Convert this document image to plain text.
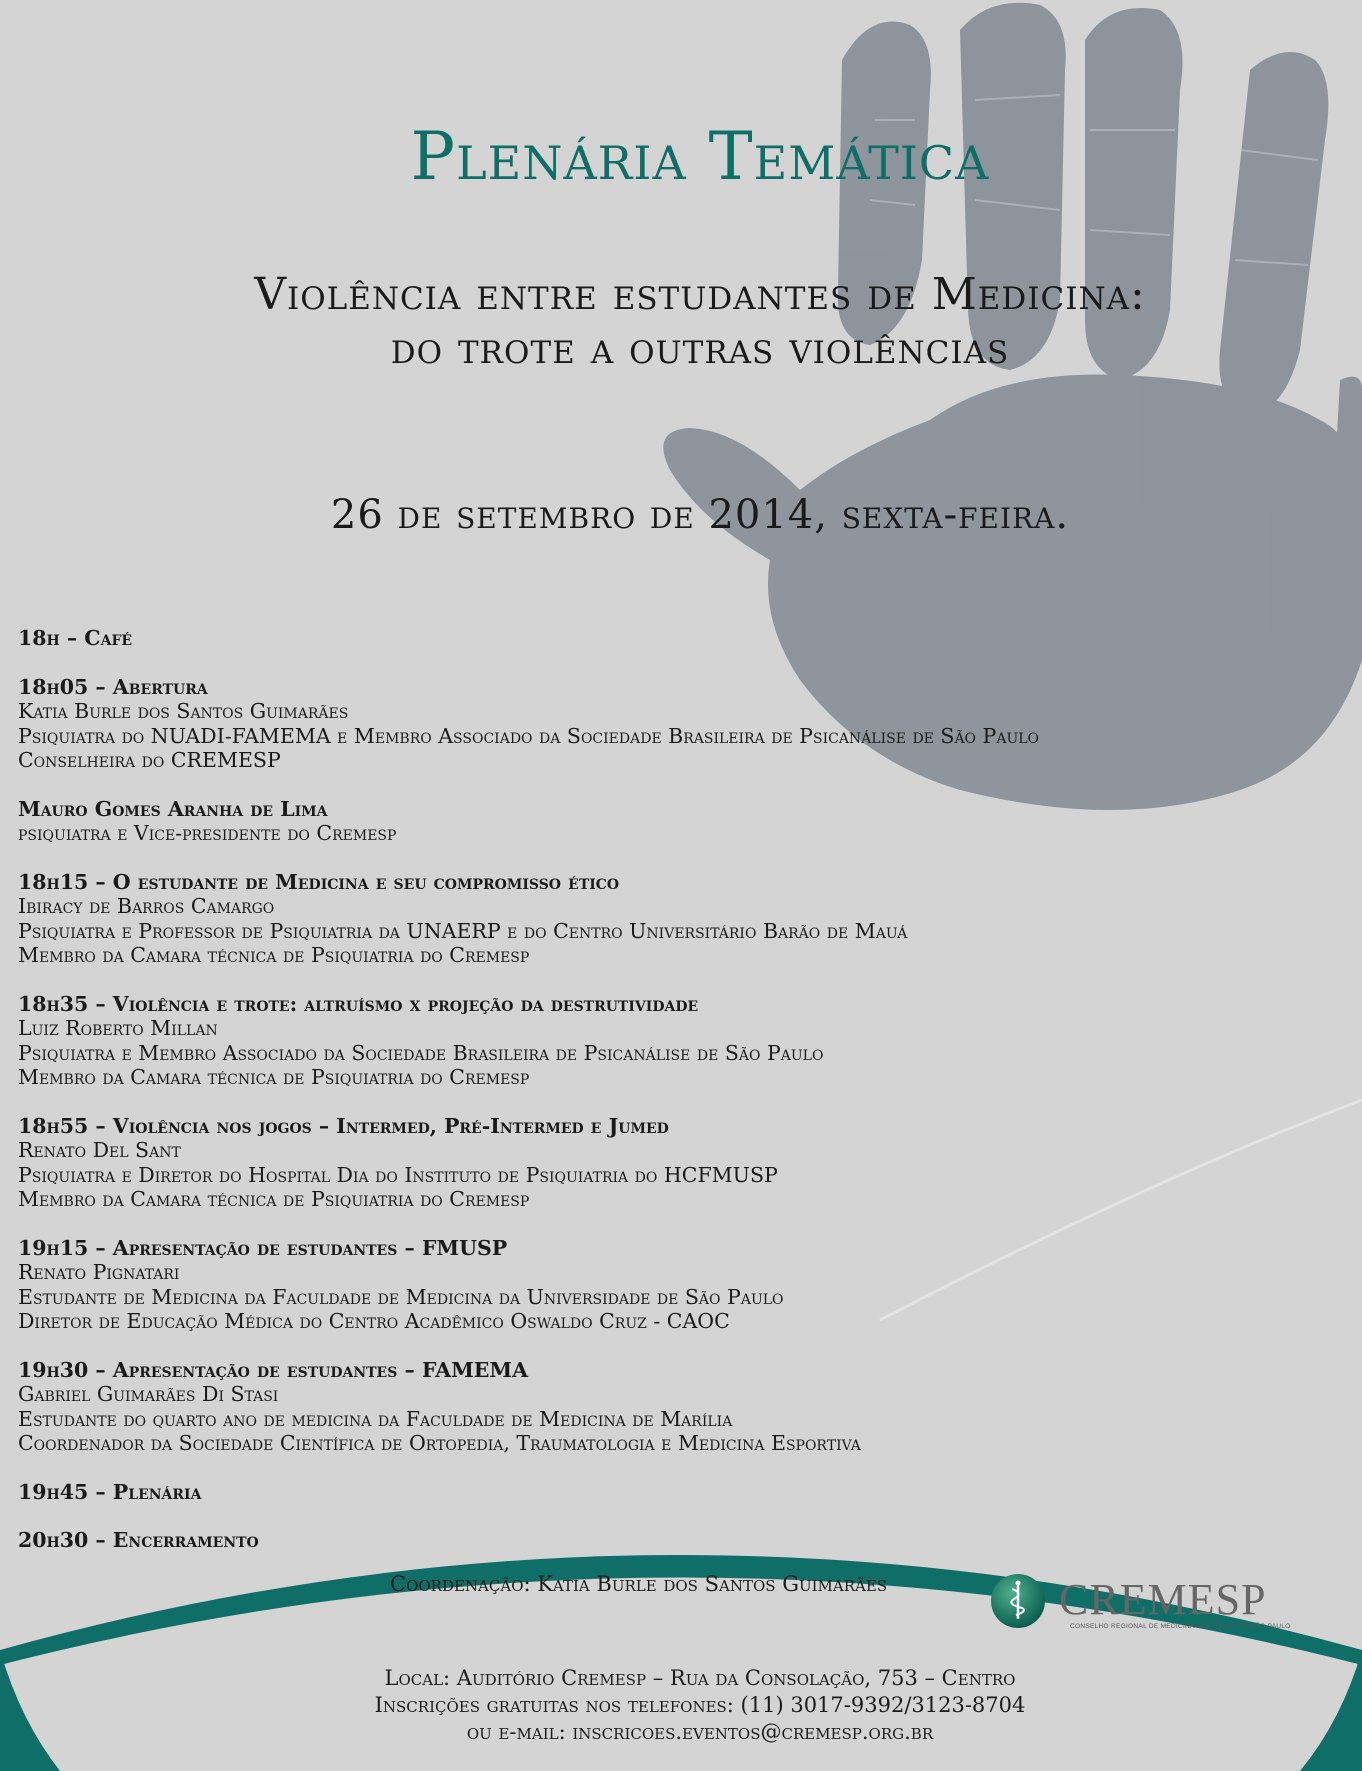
Plenária Temática
Violência entre estudantes de Medicina:
do trote a outras violências
26 de setembro de 2014, sexta-feira.
18h – Café
18h05 – Abertura
Katia Burle dos Santos Guimarães
Psiquiatra do NUADI-FAMEMA e Membro Associado da Sociedade Brasileira de Psicanálise de São Paulo
Conselheira do CREMESP
Mauro Gomes Aranha de Lima
psiquiatra e Vice-presidente do Cremesp
18h15 – O estudante de Medicina e seu compromisso ético
Ibiracy de Barros Camargo
Psiquiatra e Professor de Psiquiatria da UNAERP e do Centro Universitário Barão de Mauá
Membro da Camara técnica de Psiquiatria do Cremesp
18h35 – Violência e trote: altruísmo x projeção da destrutividade
Luiz Roberto Millan
Psiquiatra e Membro Associado da Sociedade Brasileira de Psicanálise de São Paulo
Membro da Camara técnica de Psiquiatria do Cremesp
18h55 – Violência nos jogos – Intermed, Pré-Intermed e Jumed
Renato Del Sant
Psiquiatra e Diretor do Hospital Dia do Instituto de Psiquiatria do HCFMUSP
Membro da Camara técnica de Psiquiatria do Cremesp
19h15 – Apresentação de estudantes – FMUSP
Renato Pignatari
Estudante de Medicina da Faculdade de Medicina da Universidade de São Paulo
Diretor de Educação Médica do Centro Acadêmico Oswaldo Cruz - CAOC
19h30 – Apresentação de estudantes – FAMEMA
Gabriel Guimarães Di Stasi
Estudante do quarto ano de medicina da Faculdade de Medicina de Marília
Coordenador da Sociedade Científica de Ortopedia, Traumatologia e Medicina Esportiva
19h45 – Plenária
20h30 – Encerramento
Coordenação: Katia Burle dos Santos Guimarães	CREMESP
CONSELHO REGIONAL DE MEDICINA DO ESTADO DE SÃO PAULO
Local: Auditório Cremesp – Rua da Consolação, 753 – Centro
Inscrições gratuitas nos telefones: (11) 3017-9392/3123-8704
ou e-mail: inscricoes.eventos@cremesp.org.br
